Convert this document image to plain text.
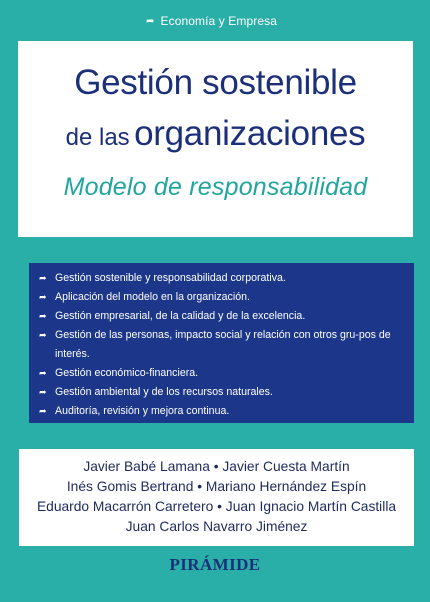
➦ Economía y Empresa
Gestión sostenible
de las organizaciones
Modelo de responsabilidad
➦ Gestión sostenible y responsabilidad corporativa.
➦ Aplicación del modelo en la organización.
➦ Gestión empresarial, de la calidad y de la excelencia.
➦ Gestión de las personas, impacto social y relación con otros gru-pos de interés.
➦ Gestión económico-financiera.
➦ Gestión ambiental y de los recursos naturales.
➦ Auditoría, revisión y mejora continua.
Javier Babé Lamana • Javier Cuesta Martín
Inés Gomis Bertrand • Mariano Hernández Espín
Eduardo Macarrón Carretero • Juan Ignacio Martín Castilla
Juan Carlos Navarro Jiménez
PIRÁMIDE
